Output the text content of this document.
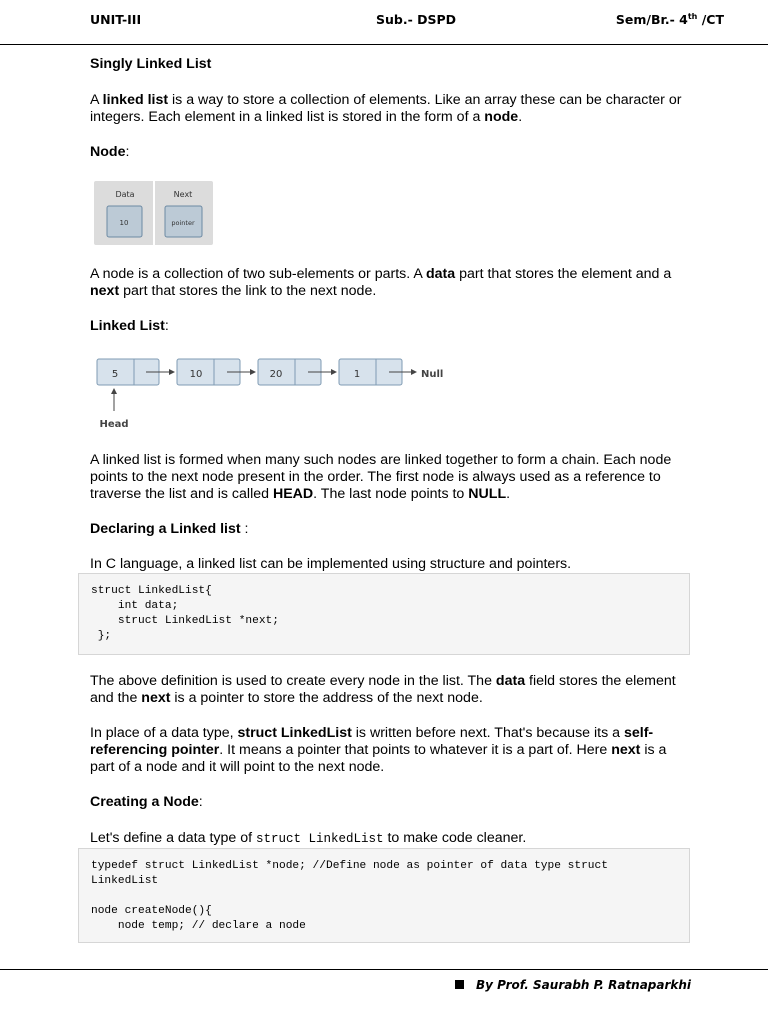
UNIT-III	Sub.- DSPD	Sem/Br.- 4th /CT

Singly Linked List

A linked list is a way to store a collection of elements. Like an array these can be character or integers. Each element in a linked list is stored in the form of a node.

Node:

Data	Next
10	pointer

A node is a collection of two sub-elements or parts. A data part that stores the element and a next part that stores the link to the next node.

Linked List:

5	10	20	1	Null
Head

A linked list is formed when many such nodes are linked together to form a chain. Each node points to the next node present in the order. The first node is always used as a reference to traverse the list and is called HEAD. The last node points to NULL.

Declaring a Linked list :

In C language, a linked list can be implemented using structure and pointers.

struct LinkedList{
int data;
struct LinkedList *next;
};

The above definition is used to create every node in the list. The data field stores the element and the next is a pointer to store the address of the next node.

In place of a data type, struct LinkedList is written before next. That's because its a self-referencing pointer. It means a pointer that points to whatever it is a part of. Here next is a part of a node and it will point to the next node.

Creating a Node:

Let's define a data type of struct LinkedList to make code cleaner.

typedef struct LinkedList *node; //Define node as pointer of data type struct
LinkedList

node createNode(){
node temp; // declare a node
By Prof. Saurabh P. Ratnaparkhi
